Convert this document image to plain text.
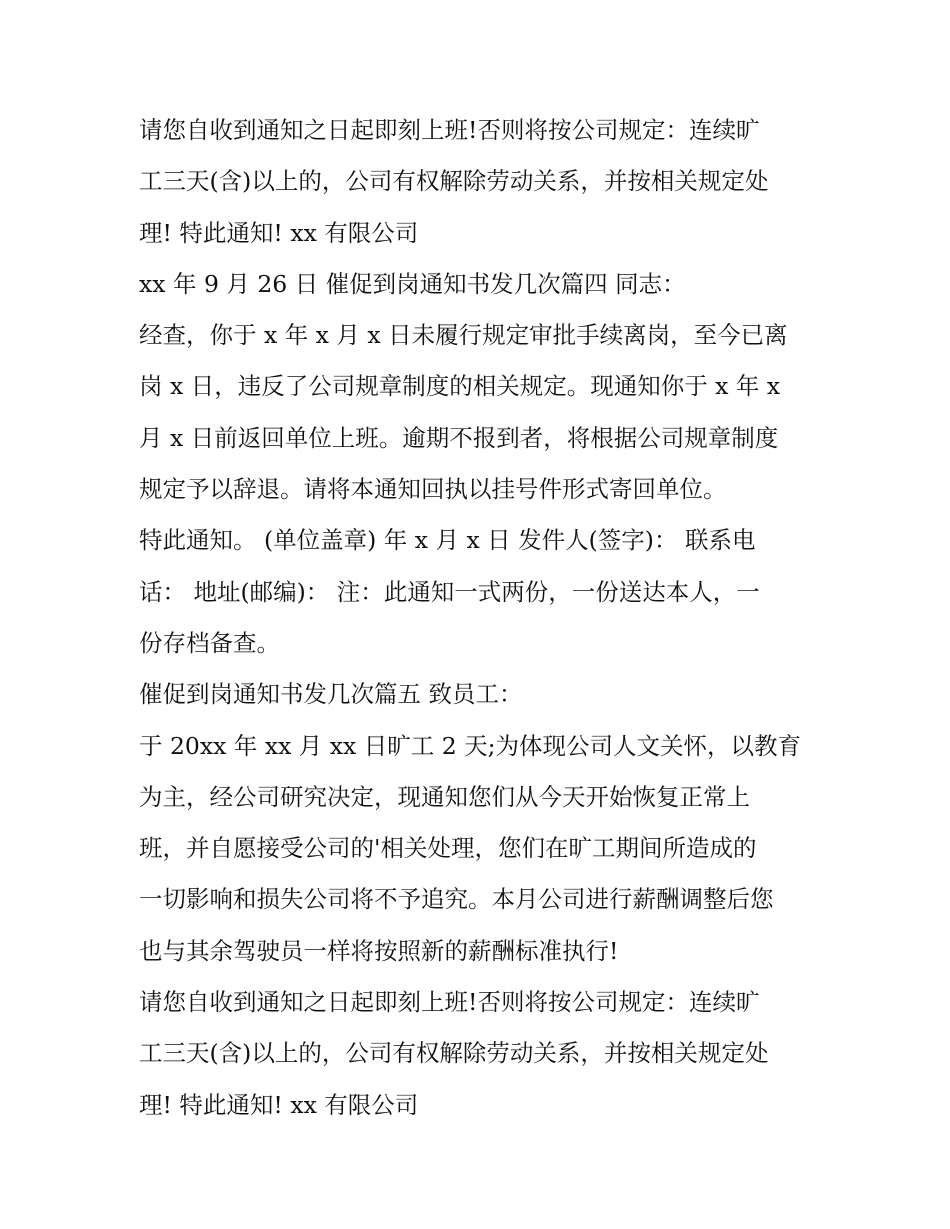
请您自收到通知之日起即刻上班!否则将按公司规定：连续旷
工三天(含)以上的，公司有权解除劳动关系，并按相关规定处
理! 特此通知! xx 有限公司
xx 年 9 月 26 日 催促到岗通知书发几次篇四 同志：
经查，你于 x 年 x 月 x 日未履行规定审批手续离岗，至今已离
岗 x 日，违反了公司规章制度的相关规定。现通知你于 x 年 x
月 x 日前返回单位上班。逾期不报到者，将根据公司规章制度
规定予以辞退。请将本通知回执以挂号件形式寄回单位。
特此通知。 (单位盖章) 年 x 月 x 日 发件人(签字)： 联系电
话： 地址(邮编)： 注：此通知一式两份，一份送达本人，一
份存档备查。
催促到岗通知书发几次篇五 致员工：
于 20xx 年 xx 月 xx 日旷工 2 天;为体现公司人文关怀，以教育
为主，经公司研究决定，现通知您们从今天开始恢复正常上
班，并自愿接受公司的'相关处理，您们在旷工期间所造成的
一切影响和损失公司将不予追究。本月公司进行薪酬调整后您
也与其余驾驶员一样将按照新的薪酬标准执行!
请您自收到通知之日起即刻上班!否则将按公司规定：连续旷
工三天(含)以上的，公司有权解除劳动关系，并按相关规定处
理! 特此通知! xx 有限公司
